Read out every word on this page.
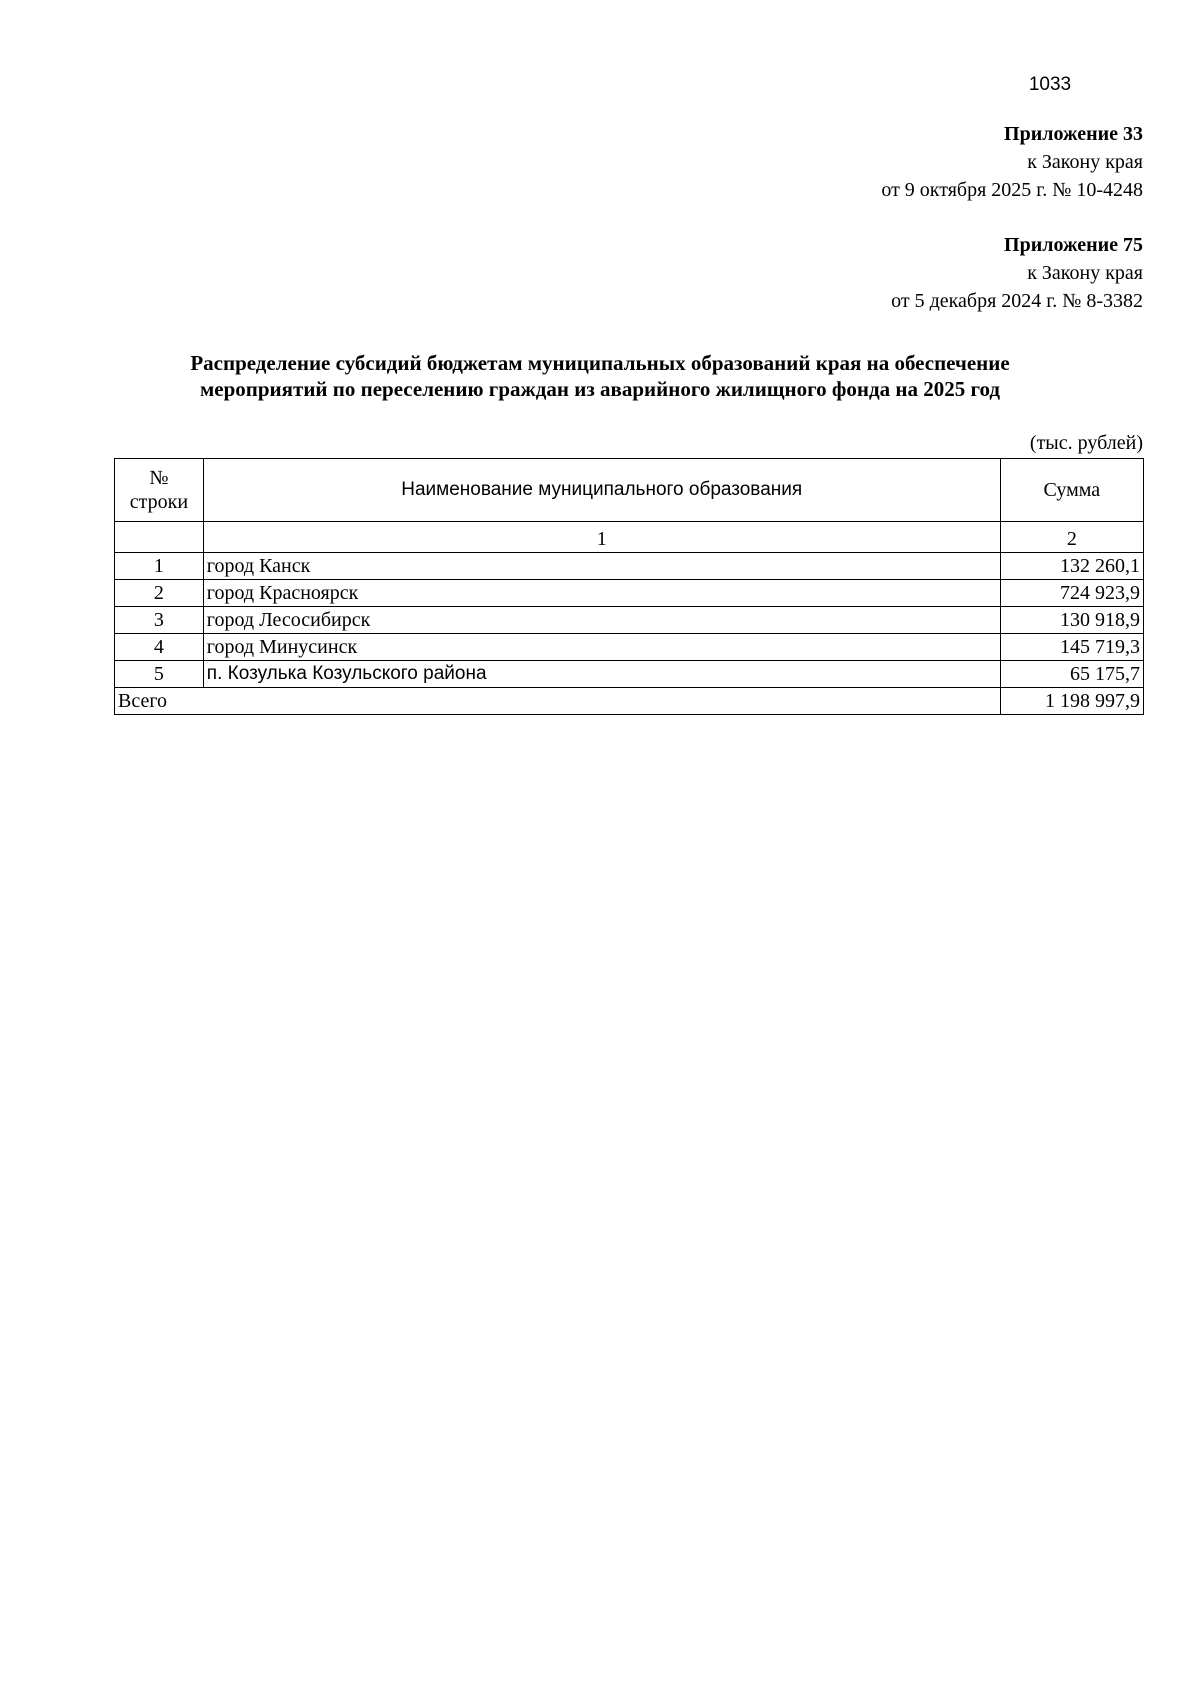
1033
Приложение 33
к Закону края
от 9 октября 2025 г. № 10-4248
Приложение 75
к Закону края
от 5 декабря 2024 г. № 8-3382
Распределение субсидий бюджетам муниципальных образований края на обеспечение
мероприятий по переселению граждан из аварийного жилищного фонда на 2025 год
(тыс. рублей)
№
строки	Наименование муниципального образования	Сумма
	1	2
1	город Канск	132 260,1
2	город Красноярск	724 923,9
3	город Лесосибирск	130 918,9
4	город Минусинск	145 719,3
5	п. Козулька Козульского района	65 175,7
Всего		1 198 997,9
